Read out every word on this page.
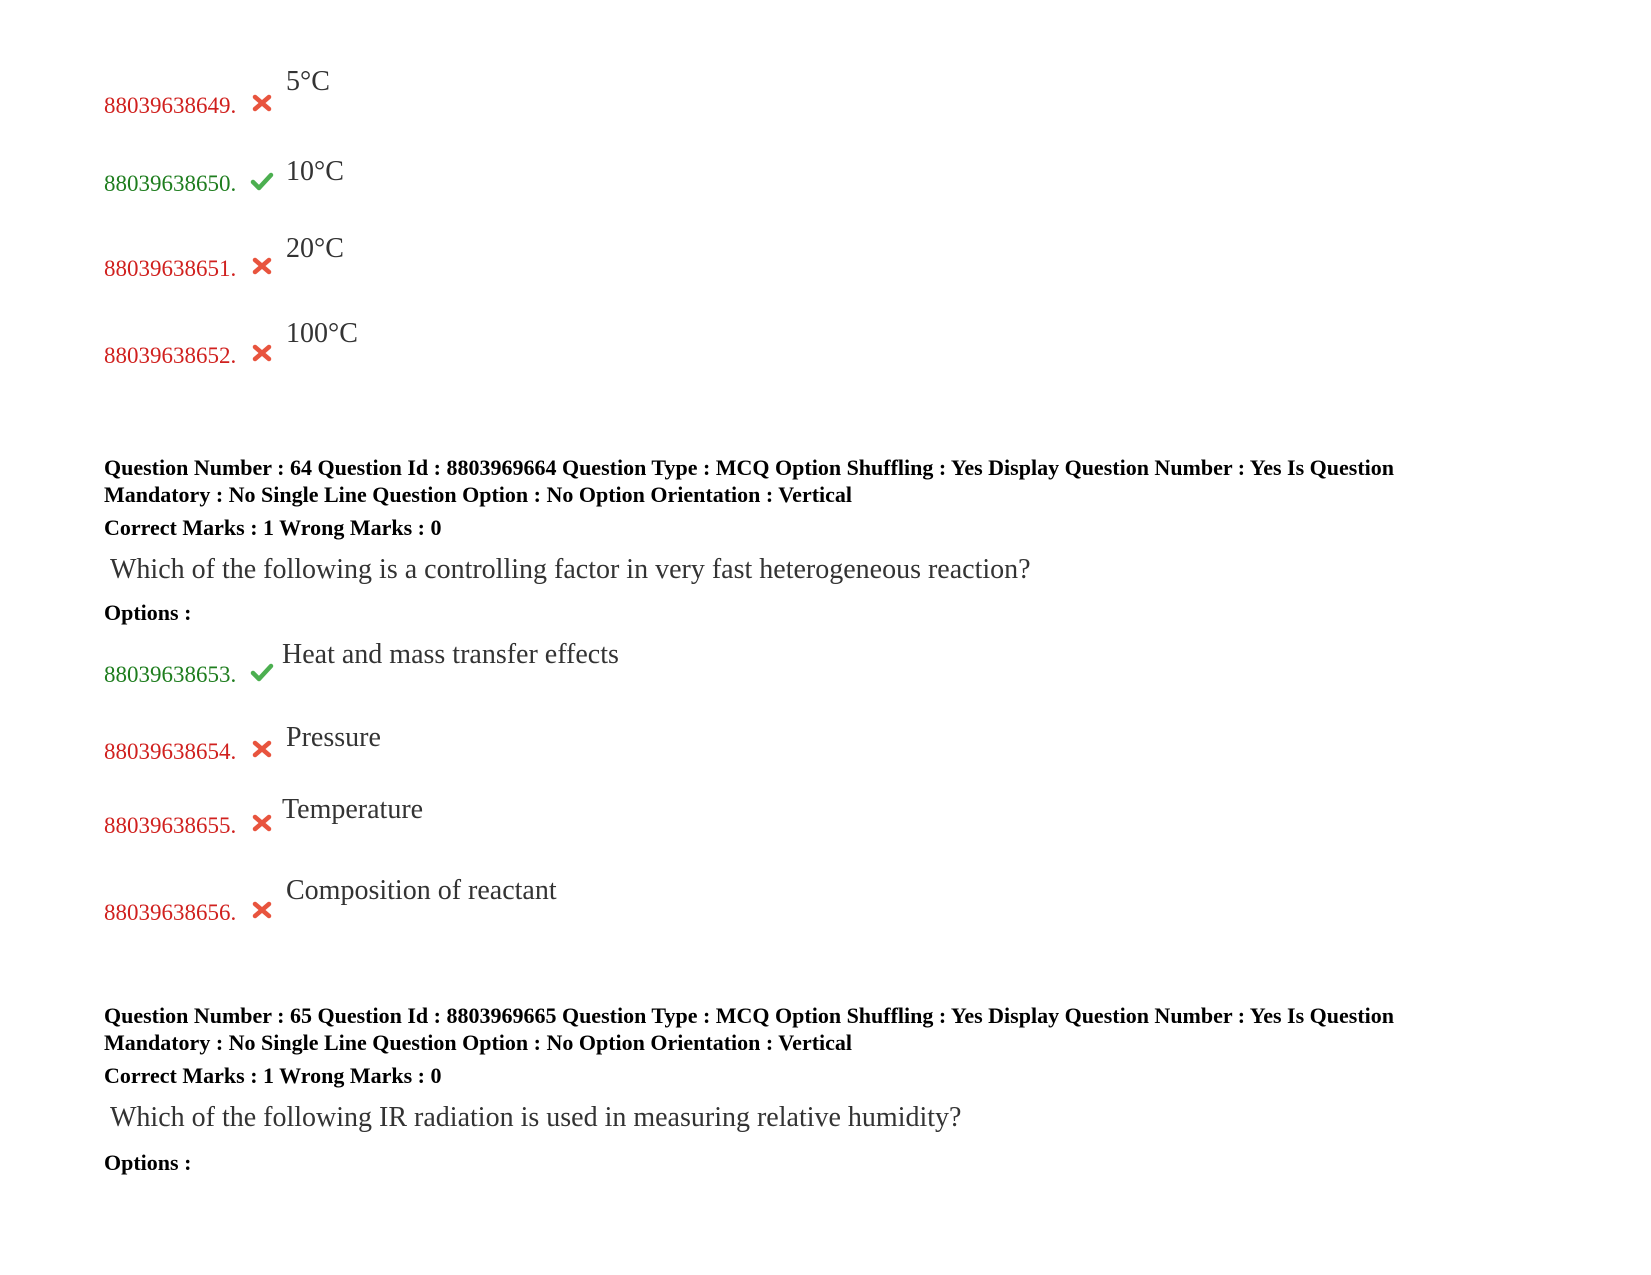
88039638649.
5°C
88039638650. 10°C
88039638651.
20°C
88039638652.
100°C
Question Number : 64 Question Id : 8803969664 Question Type : MCQ Option Shuffling : Yes Display Question Number : Yes Is Question
Mandatory : No Single Line Question Option : No Option Orientation : Vertical
Correct Marks : 1 Wrong Marks : 0
Which of the following is a controlling factor in very fast heterogeneous reaction?
Options :
88039638653.
Heat and mass transfer effects
88039638654. Pressure
88039638655.
Temperature
88039638656.
Composition of reactant
Question Number : 65 Question Id : 8803969665 Question Type : MCQ Option Shuffling : Yes Display Question Number : Yes Is Question
Mandatory : No Single Line Question Option : No Option Orientation : Vertical
Correct Marks : 1 Wrong Marks : 0
Which of the following IR radiation is used in measuring relative humidity?
Options :
